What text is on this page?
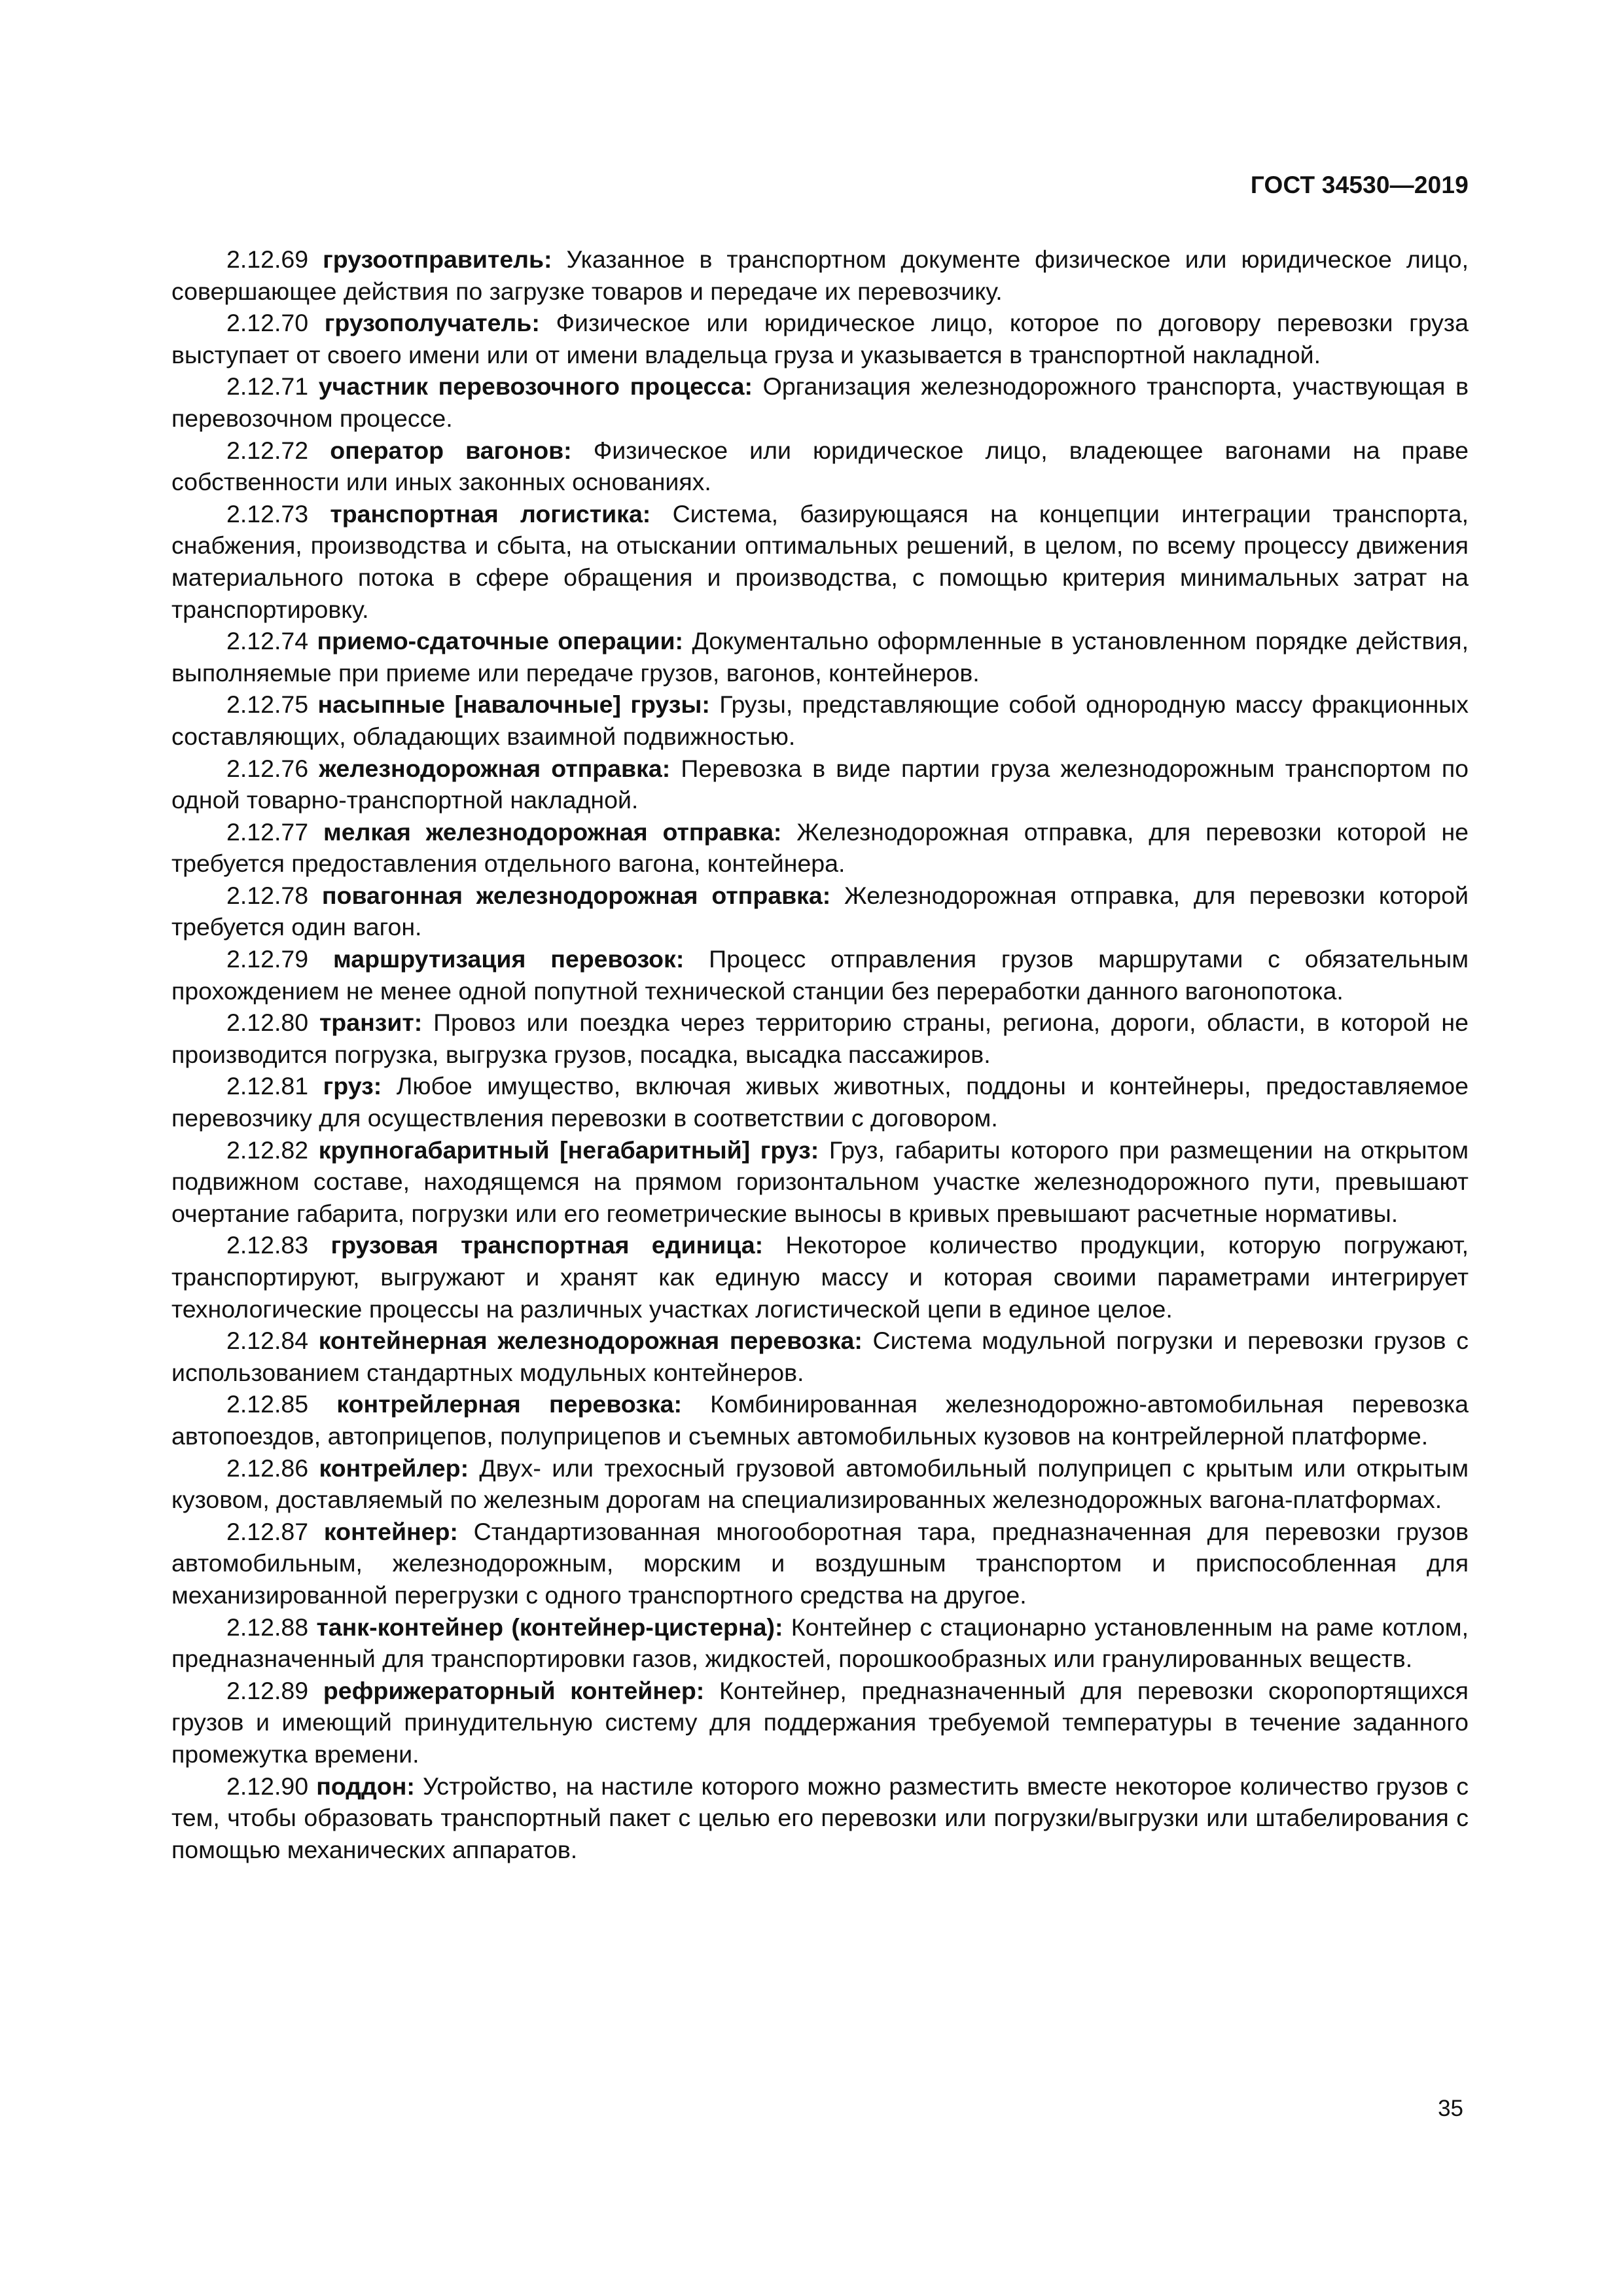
ГОСТ 34530—2019

2.12.69 грузоотправитель: Указанное в транспортном документе физическое или юридическое лицо, совершающее действия по загрузке товаров и передаче их перевозчику.

2.12.70 грузополучатель: Физическое или юридическое лицо, которое по договору перевозки груза выступает от своего имени или от имени владельца груза и указывается в транспортной накладной.

2.12.71 участник перевозочного процесса: Организация железнодорожного транспорта, участвующая в перевозочном процессе.

2.12.72 оператор вагонов: Физическое или юридическое лицо, владеющее вагонами на праве собственности или иных законных основаниях.

2.12.73 транспортная логистика: Система, базирующаяся на концепции интеграции транспорта, снабжения, производства и сбыта, на отыскании оптимальных решений, в целом, по всему процессу движения материального потока в сфере обращения и производства, с помощью критерия минимальных затрат на транспортировку.

2.12.74 приемо-сдаточные операции: Документально оформленные в установленном порядке действия, выполняемые при приеме или передаче грузов, вагонов, контейнеров.

2.12.75 насыпные [навалочные] грузы: Грузы, представляющие собой однородную массу фракционных составляющих, обладающих взаимной подвижностью.

2.12.76 железнодорожная отправка: Перевозка в виде партии груза железнодорожным транспортом по одной товарно-транспортной накладной.

2.12.77 мелкая железнодорожная отправка: Железнодорожная отправка, для перевозки которой не требуется предоставления отдельного вагона, контейнера.

2.12.78 повагонная железнодорожная отправка: Железнодорожная отправка, для перевозки которой требуется один вагон.

2.12.79 маршрутизация перевозок: Процесс отправления грузов маршрутами с обязательным прохождением не менее одной попутной технической станции без переработки данного вагонопотока.

2.12.80 транзит: Провоз или поездка через территорию страны, региона, дороги, области, в которой не производится погрузка, выгрузка грузов, посадка, высадка пассажиров.

2.12.81 груз: Любое имущество, включая живых животных, поддоны и контейнеры, предоставляемое перевозчику для осуществления перевозки в соответствии с договором.

2.12.82 крупногабаритный [негабаритный] груз: Груз, габариты которого при размещении на открытом подвижном составе, находящемся на прямом горизонтальном участке железнодорожного пути, превышают очертание габарита, погрузки или его геометрические выносы в кривых превышают расчетные нормативы.

2.12.83 грузовая транспортная единица: Некоторое количество продукции, которую погружают, транспортируют, выгружают и хранят как единую массу и которая своими параметрами интегрирует технологические процессы на различных участках логистической цепи в единое целое.

2.12.84 контейнерная железнодорожная перевозка: Система модульной погрузки и перевозки грузов с использованием стандартных модульных контейнеров.

2.12.85 контрейлерная перевозка: Комбинированная железнодорожно-автомобильная перевозка автопоездов, автоприцепов, полуприцепов и съемных автомобильных кузовов на контрейлерной платформе.

2.12.86 контрейлер: Двух- или трехосный грузовой автомобильный полуприцеп с крытым или открытым кузовом, доставляемый по железным дорогам на специализированных железнодорожных вагона-платформах.

2.12.87 контейнер: Стандартизованная многооборотная тара, предназначенная для перевозки грузов автомобильным, железнодорожным, морским и воздушным транспортом и приспособленная для механизированной перегрузки с одного транспортного средства на другое.

2.12.88 танк-контейнер (контейнер-цистерна): Контейнер с стационарно установленным на раме котлом, предназначенный для транспортировки газов, жидкостей, порошкообразных или гранулированных веществ.

2.12.89 рефрижераторный контейнер: Контейнер, предназначенный для перевозки скоропортящихся грузов и имеющий принудительную систему для поддержания требуемой температуры в течение заданного промежутка времени.

2.12.90 поддон: Устройство, на настиле которого можно разместить вместе некоторое количество грузов с тем, чтобы образовать транспортный пакет с целью его перевозки или погрузки/выгрузки или штабелирования с помощью механических аппаратов.

35
